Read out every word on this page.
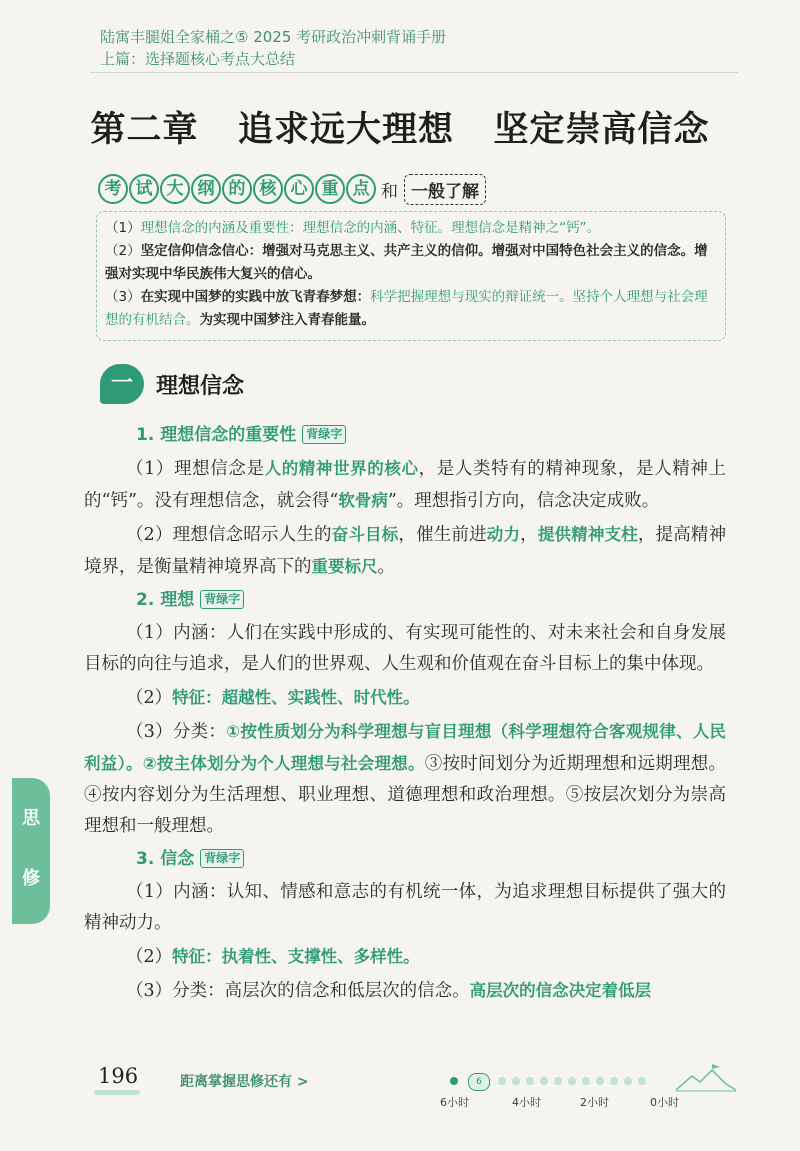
陆寓丰腿姐全家桶之⑤ 2025 考研政治冲刺背诵手册
上篇：选择题核心考点大总结
第二章   追求远大理想   坚定崇高信念
考 试 大 纲 的 核 心 重 点 和 一般了解

（1）理想信念的内涵及重要性：理想信念的内涵、特征。理想信念是精神之“钙”。

（2）坚定信仰信念信心：增强对马克思主义、共产主义的信仰。增强对中国特色社会主义的信念。增强对实现中华民族伟大复兴的信心。

（3）在实现中国梦的实践中放飞青春梦想：科学把握理想与现实的辩证统一。坚持个人理想与社会理想的有机结合。为实现中国梦注入青春能量。

一	理想信念

1. 理想信念的重要性 背绿字

（1）理想信念是人的精神世界的核心，是人类特有的精神现象，是人精神上的“钙”。没有理想信念，就会得“软骨病”。理想指引方向，信念决定成败。

（2）理想信念昭示人生的奋斗目标，催生前进动力，提供精神支柱，提高精神境界，是衡量精神境界高下的重要标尺。

2. 理想 背绿字

（1）内涵：人们在实践中形成的、有实现可能性的、对未来社会和自身发展目标的向往与追求，是人们的世界观、人生观和价值观在奋斗目标上的集中体现。

（2）特征：超越性、实践性、时代性。

（3）分类：①按性质划分为科学理想与盲目理想（科学理想符合客观规律、人民利益）。②按主体划分为个人理想与社会理想。③按时间划分为近期理想和远期理想。④按内容划分为生活理想、职业理想、道德理想和政治理想。⑤按层次划分为崇高理想和一般理想。

3. 信念 背绿字

（1）内涵：认知、情感和意志的有机统一体，为追求理想目标提供了强大的精神动力。

（2）特征：执着性、支撑性、多样性。

（3）分类：高层次的信念和低层次的信念。高层次的信念决定着低层

思
修
196	距离掌握思修还有 >	6
6小时	4小时	2小时	0小时
